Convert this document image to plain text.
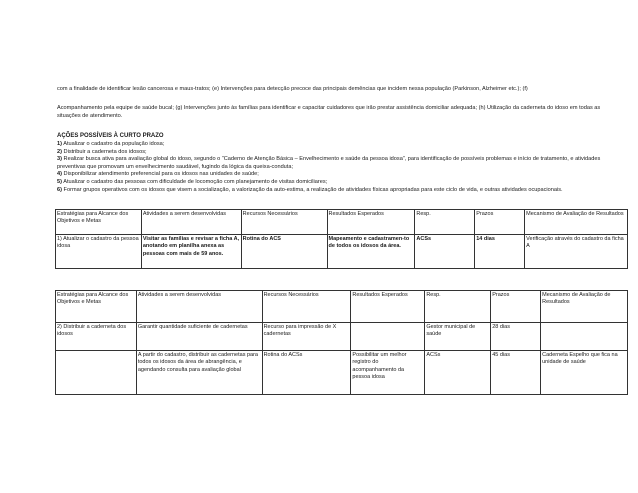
com a finalidade de identificar lesão cancerosa e maus-tratos; (e) Intervenções para detecção precoce das principais demências que incidem nessa população (Parkinson, Alzheimer etc.); (f)

Acompanhamento pela equipe de saúde bucal; (g) Intervenções junto às famílias para identificar e capacitar cuidadores que irão prestar assistência domiciliar adequada; (h) Utilização da caderneta do idoso em todas as situações de atendimento.

AÇÕES POSSÍVEIS À CURTO PRAZO
1) Atualizar o cadastro da população idosa;
2) Distribuir a caderneta dos idosos;
3) Realizar busca ativa para avaliação global do idoso, segundo o “Caderno de Atenção Básica – Envelhecimento e saúde da pessoa idosa”, para identificação de possíveis problemas e início de tratamento, e atividades preventivas que promovam um envelhecimento saudável, fugindo da lógica da queixa-conduta;
4) Disponibilizar atendimento preferencial para os idosos nas unidades de saúde;
5) Atualizar o cadastro das pessoas com dificuldade de locomoção com planejamento de visitas domiciliares;
6) Formar grupos operativos com os idosos que visem a socialização, a valorização da auto-estima, a realização de atividades físicas apropriadas para este ciclo de vida, e outras atividades ocupacionais.
Estratégias para Alcance dos Objetivos e Metas	Atividades a serem desenvolvidas	Recursos Necessários	Resultados Esperados	Resp.	Prazos	Mecanismo de Avaliação de Resultados
1) Atualizar o cadastro da pessoa idosa	Visitar as famílias e revisar a ficha A, anotando em planilha anexa as pessoas com mais de 59 anos.	Rotina do ACS	Mapeamento e cadastramen-to de todos os idosos da área.	ACSs	14 dias	Verificação através do cadastro da ficha A
Estratégias para Alcance dos Objetivos e Metas	Atividades a serem desenvolvidas	Recursos Necessários	Resultados Esperados	Resp.	Prazos	Mecanismo de Avaliação de Resultados
2) Distribuir a caderneta dos idosos	Garantir quantidade suficiente de cadernetas	Recurso para impressão de X cadernetas		Gestor municipal de saúde	28 dias	
	A partir do cadastro, distribuir as cadernetas para todos os idosos da área de abrangência, e agendando consulta para avaliação global	Rotina do ACSs	Possibilitar um melhor registro do acompanhamento da pessoa idosa	ACSs	45 dias	Caderneta Espelho que fica na unidade de saúde
